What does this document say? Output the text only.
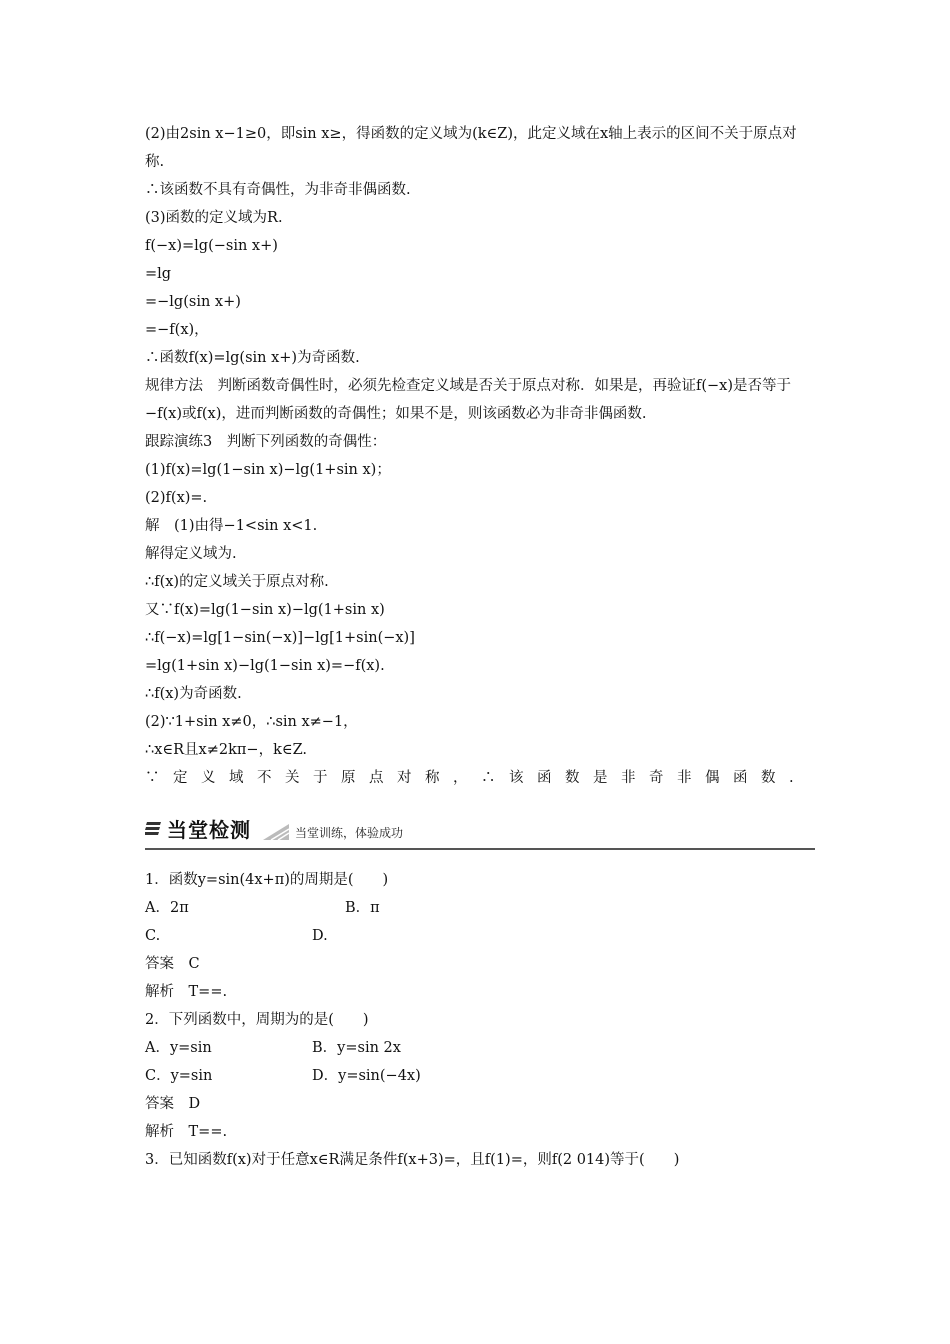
(2)由2sin x−1≥0，即sin x≥，得函数的定义域为(k∈Z)，此定义域在x轴上表示的区间不关于原点对称.
∴该函数不具有奇偶性，为非奇非偶函数.
(3)函数的定义域为R.
f(−x)=lg(−sin x+)
=lg
=−lg(sin x+)
=−f(x)，
∴函数f(x)=lg(sin x+)为奇函数.
规律方法　判断函数奇偶性时，必须先检查定义域是否关于原点对称．如果是，再验证f(−x)是否等于−f(x)或f(x)，进而判断函数的奇偶性；如果不是，则该函数必为非奇非偶函数.
跟踪演练3　判断下列函数的奇偶性：
(1)f(x)=lg(1−sin x)−lg(1+sin x)；
(2)f(x)=.
解　(1)由得−1<sin x<1.
解得定义域为.
∴f(x)的定义域关于原点对称.
又∵f(x)=lg(1−sin x)−lg(1+sin x)
∴f(−x)=lg[1−sin(−x)]−lg[1+sin(−x)]
=lg(1+sin x)−lg(1−sin x)=−f(x).
∴f(x)为奇函数.
(2)∵1+sin x≠0，∴sin x≠−1，
∴x∈R且x≠2kπ−，k∈Z.
∵定义域不关于原点对称，∴该函数是非奇非偶函数.
当堂检测	当堂训练，体验成功
1．函数y=sin(4x+π)的周期是(　　)
A．2π	B．π
C.	D.
答案　C
解析　T==.
2．下列函数中，周期为的是(　　)
A．y=sin	B．y=sin 2x
C．y=sin	D．y=sin(−4x)
答案　D
解析　T==.
3．已知函数f(x)对于任意x∈R满足条件f(x+3)=，且f(1)=，则f(2 014)等于(　　)
